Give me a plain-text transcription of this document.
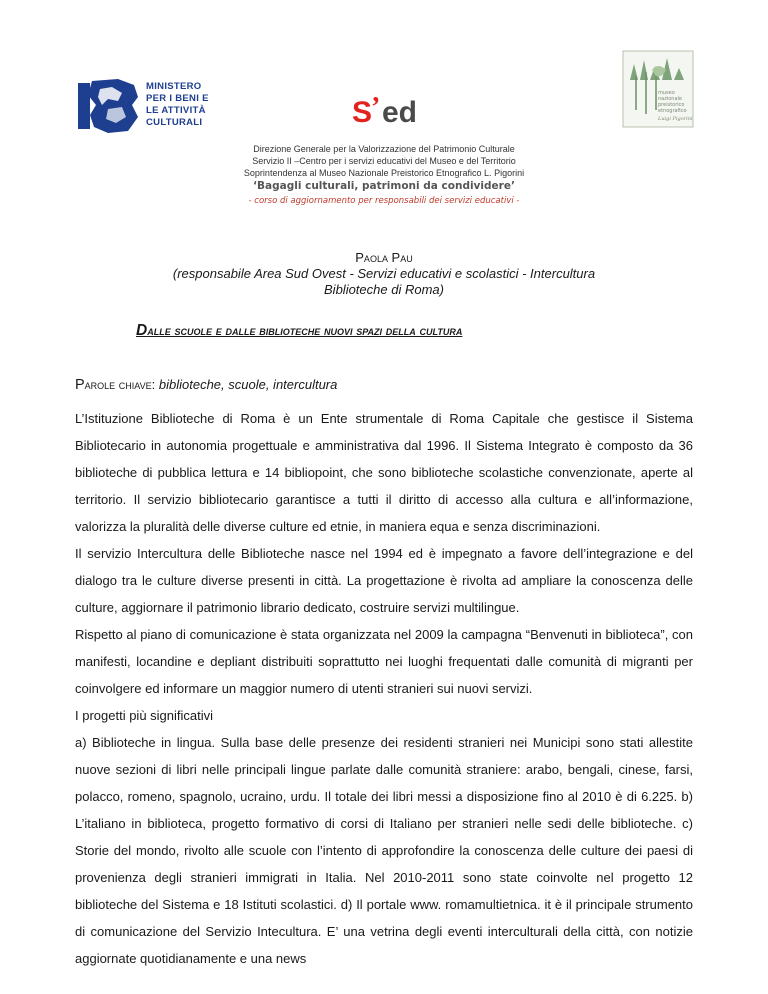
MINISTERO
PER I BENI E
LE ATTIVITÀ
CULTURALI	S
’ ed
museo
nazionale
preistorico
etnografico
Luigi Pigorini
Direzione Generale per la Valorizzazione del Patrimonio Culturale
Servizio II –Centro per i servizi educativi del Museo e del Territorio
Soprintendenza al Museo Nazionale Preistorico Etnografico L. Pigorini
‘Bagagli culturali, patrimoni da condividere’
- corso di aggiornamento per responsabili dei servizi educativi -
Paola Pau
(responsabile Area Sud Ovest - Servizi educativi e scolastici - Intercultura
Biblioteche di Roma)
Dalle scuole e dalle biblioteche nuovi spazi della cultura
Parole chiave: biblioteche, scuole, intercultura

L’Istituzione Biblioteche di Roma è un Ente strumentale di Roma Capitale che gestisce il Sistema Bibliotecario in autonomia progettuale e amministrativa dal 1996. Il Sistema Integrato è composto da 36 biblioteche di pubblica lettura e 14 bibliopoint, che sono biblioteche scolastiche convenzionate, aperte al territorio. Il servizio bibliotecario garantisce a tutti il diritto di accesso alla cultura e all’informazione, valorizza la pluralità delle diverse culture ed etnie, in maniera equa e senza discriminazioni.

Il servizio Intercultura delle Biblioteche nasce nel 1994 ed è impegnato a favore dell’integrazione e del dialogo tra le culture diverse presenti in città. La progettazione è rivolta ad ampliare la conoscenza delle culture, aggiornare il patrimonio librario dedicato, costruire servizi multilingue.

Rispetto al piano di comunicazione è stata organizzata nel 2009 la campagna “Benvenuti in biblioteca”, con manifesti, locandine e depliant distribuiti soprattutto nei luoghi frequentati dalle comunità di migranti per coinvolgere ed informare un maggior numero di utenti stranieri sui nuovi servizi.

I progetti più significativi

a) Biblioteche in lingua. Sulla base delle presenze dei residenti stranieri nei Municipi sono stati allestite nuove sezioni di libri nelle principali lingue parlate dalle comunità straniere: arabo, bengali, cinese, farsi, polacco, romeno, spagnolo, ucraino, urdu. Il totale dei libri messi a disposizione fino al 2010 è di 6.225. b) L’italiano in biblioteca, progetto formativo di corsi di Italiano per stranieri nelle sedi delle biblioteche. c) Storie del mondo, rivolto alle scuole con l’intento di approfondire la conoscenza delle culture dei paesi di provenienza degli stranieri immigrati in Italia. Nel 2010-2011 sono state coinvolte nel progetto 12 biblioteche del Sistema e 18 Istituti scolastici. d) Il portale www. romamultietnica. it è il principale strumento di comunicazione del Servizio Intecultura. E’ una vetrina degli eventi interculturali della città, con notizie aggiornate quotidianamente e una news
